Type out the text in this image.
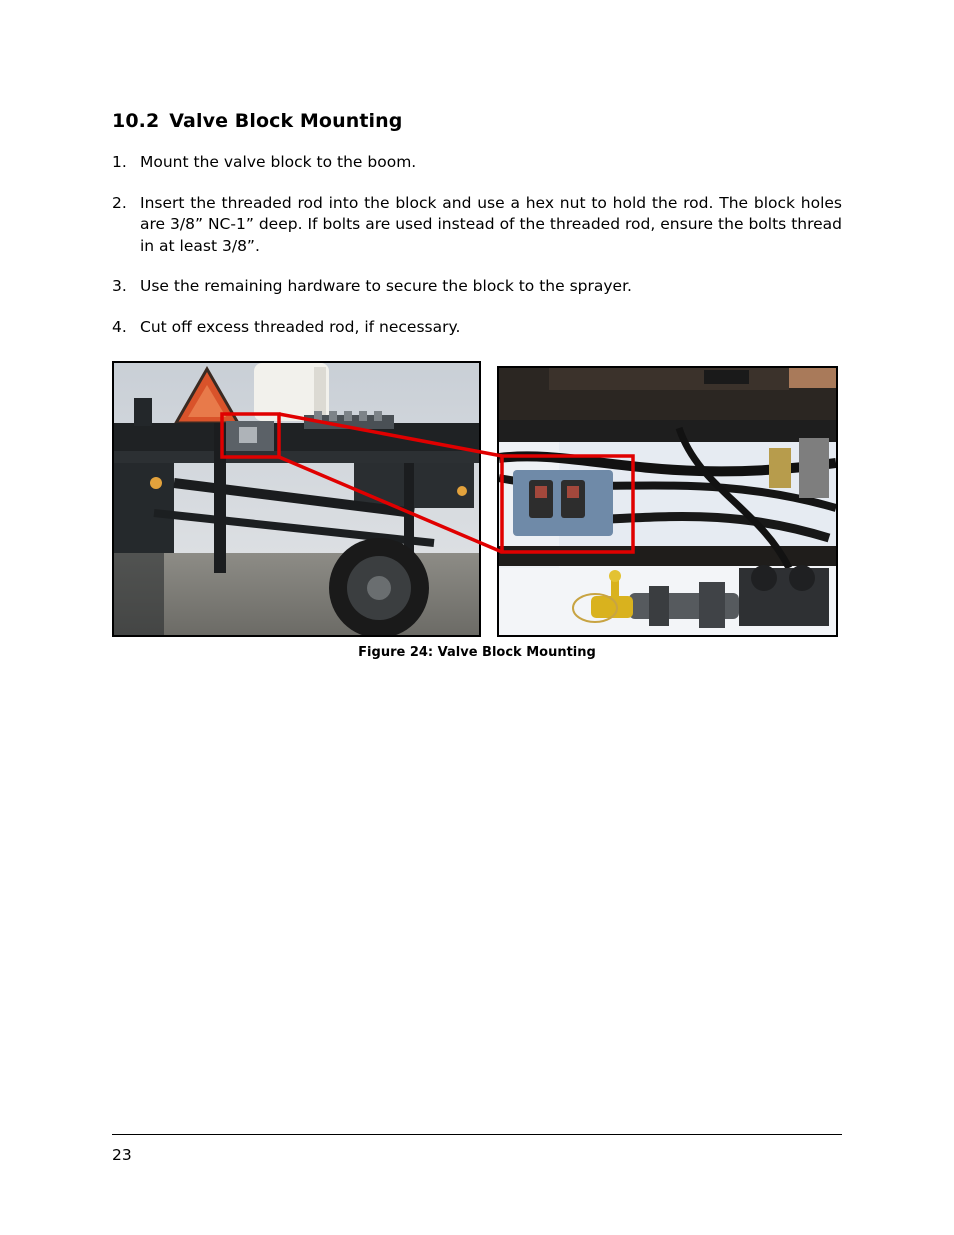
10.2 Valve Block Mounting
1. Mount the valve block to the boom.
2. Insert the threaded rod into the block and use a hex nut to hold the rod. The block holes are 3/8” NC-1” deep. If bolts are used instead of the threaded rod, ensure the bolts thread in at least 3/8”.
3. Use the remaining hardware to secure the block to the sprayer.
4. Cut off excess threaded rod, if necessary.
Figure 24: Valve Block Mounting
23
